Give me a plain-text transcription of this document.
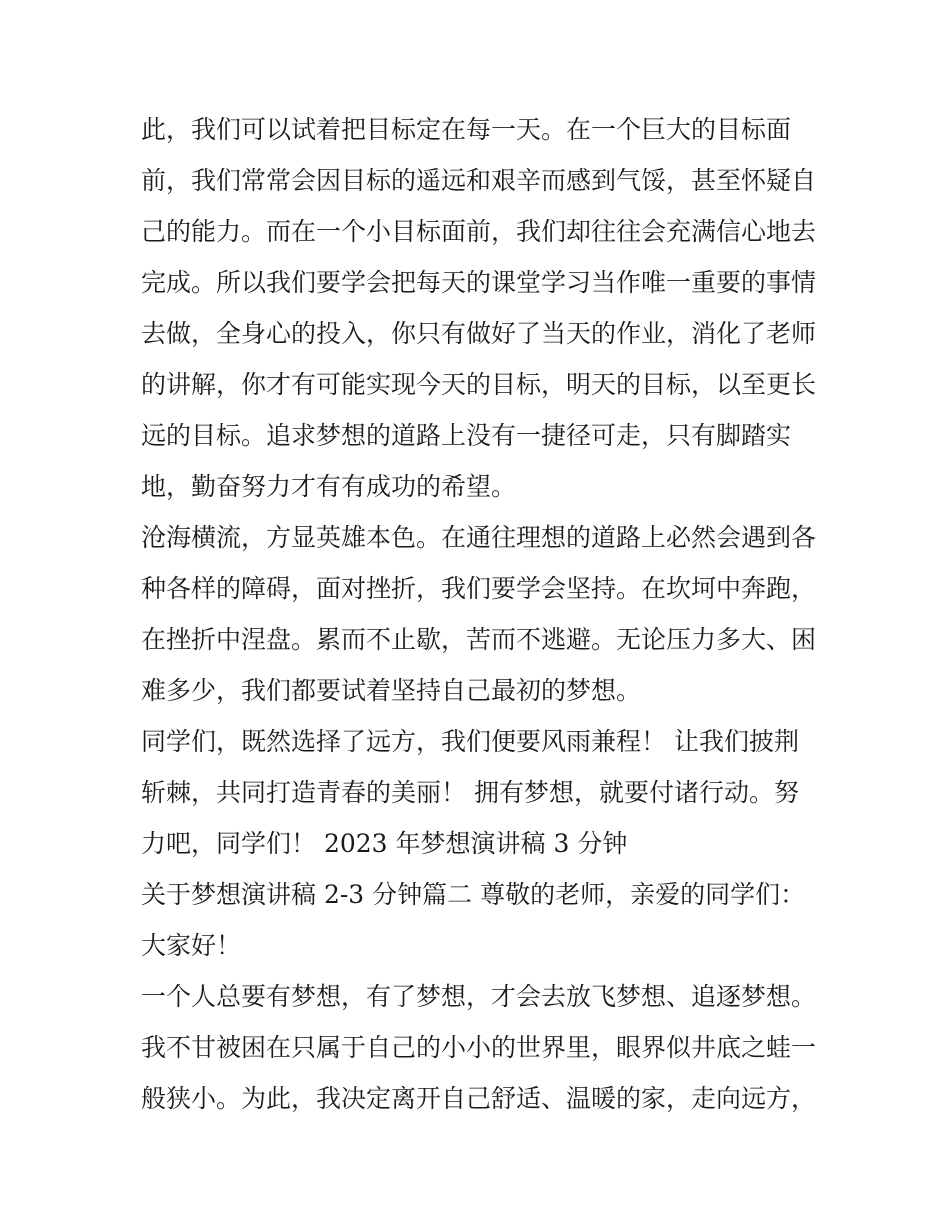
此，我们可以试着把目标定在每一天。在一个巨大的目标面
前，我们常常会因目标的遥远和艰辛而感到气馁，甚至怀疑自
己的能力。而在一个小目标面前，我们却往往会充满信心地去
完成。所以我们要学会把每天的课堂学习当作唯一重要的事情
去做，全身心的投入，你只有做好了当天的作业，消化了老师
的讲解，你才有可能实现今天的目标，明天的目标，以至更长
远的目标。追求梦想的道路上没有一捷径可走，只有脚踏实
地，勤奋努力才有有成功的希望。
沧海横流，方显英雄本色。在通往理想的道路上必然会遇到各
种各样的障碍，面对挫折，我们要学会坚持。在坎坷中奔跑，
在挫折中涅盘。累而不止歇，苦而不逃避。无论压力多大、困
难多少，我们都要试着坚持自己最初的梦想。
同学们，既然选择了远方，我们便要风雨兼程！ 让我们披荆
斩棘，共同打造青春的美丽！ 拥有梦想，就要付诸行动。努
力吧，同学们！ 2023 年梦想演讲稿 3 分钟
关于梦想演讲稿 2-3 分钟篇二 尊敬的老师，亲爱的同学们：
大家好！
一个人总要有梦想，有了梦想，才会去放飞梦想、追逐梦想。
我不甘被困在只属于自己的小小的世界里，眼界似井底之蛙一
般狭小。为此，我决定离开自己舒适、温暖的家，走向远方，
